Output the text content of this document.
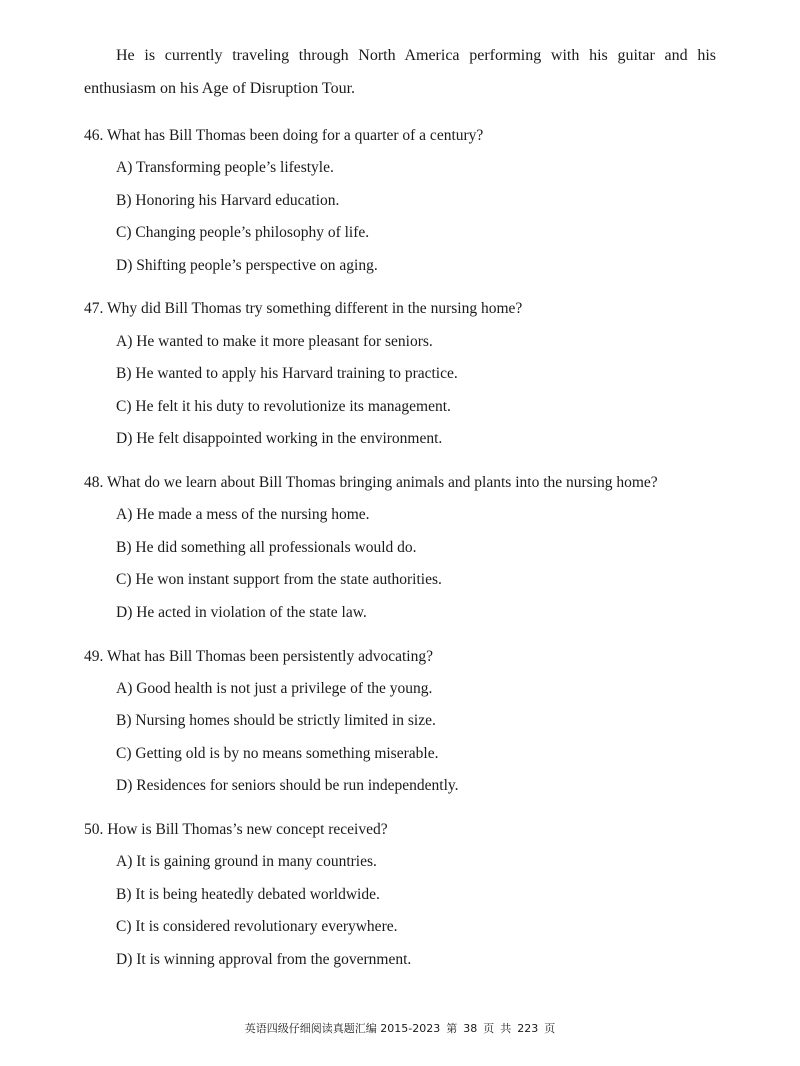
He is currently traveling through North America performing with his guitar and his enthusiasm on his Age of Disruption Tour.

46. What has Bill Thomas been doing for a quarter of a century?

A) Transforming people’s lifestyle.

B) Honoring his Harvard education.

C) Changing people’s philosophy of life.

D) Shifting people’s perspective on aging.

47. Why did Bill Thomas try something different in the nursing home?

A) He wanted to make it more pleasant for seniors.

B) He wanted to apply his Harvard training to practice.

C) He felt it his duty to revolutionize its management.

D) He felt disappointed working in the environment.

48. What do we learn about Bill Thomas bringing animals and plants into the nursing home?

A) He made a mess of the nursing home.

B) He did something all professionals would do.

C) He won instant support from the state authorities.

D) He acted in violation of the state law.

49. What has Bill Thomas been persistently advocating?

A) Good health is not just a privilege of the young.

B) Nursing homes should be strictly limited in size.

C) Getting old is by no means something miserable.

D) Residences for seniors should be run independently.

50. How is Bill Thomas’s new concept received?

A) It is gaining ground in many countries.

B) It is being heatedly debated worldwide.

C) It is considered revolutionary everywhere.

D) It is winning approval from the government.

英语四级仔细阅读真题汇编 2015-2023 第 38 页 共 223 页
